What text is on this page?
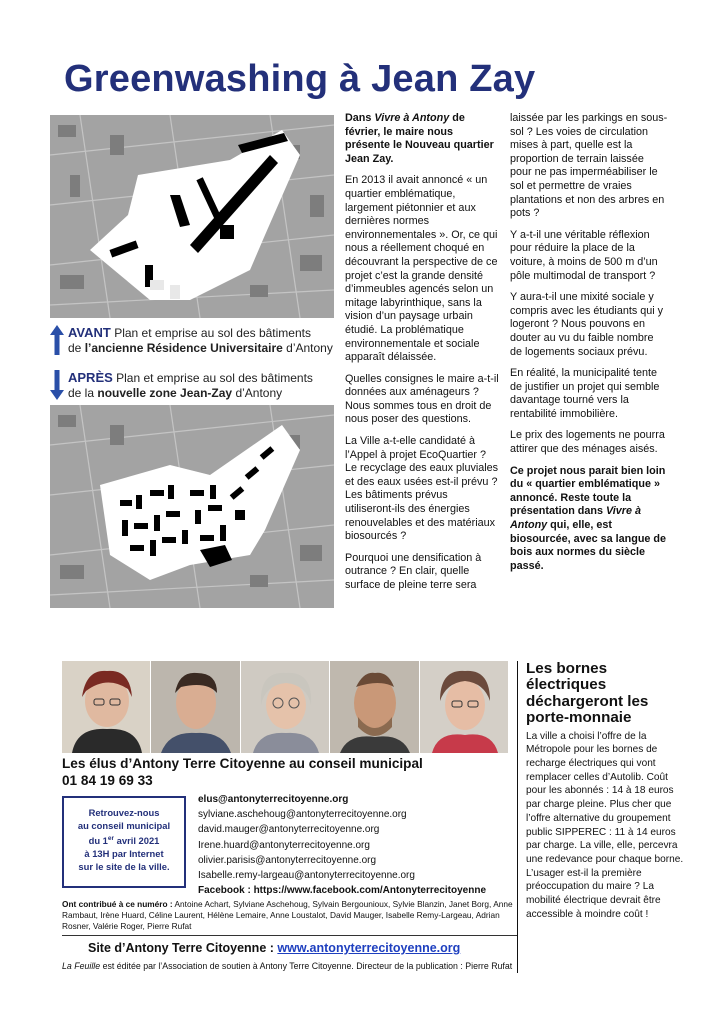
Greenwashing à Jean Zay
AVANT Plan et emprise au sol des bâtiments
de l’ancienne Résidence Universitaire d’Antony
APRÈS Plan et emprise au sol des bâtiments
de la nouvelle zone Jean-Zay d’Antony

Dans Vivre à Antony de février, le maire nous présente le Nouveau quartier Jean Zay.

En 2013 il avait annoncé « un quartier emblématique, largement piétonnier et aux dernières normes environnementales ». Or, ce qui nous a réellement choqué en découvrant la perspective de ce projet c’est la grande densité d’immeubles agencés selon un mitage labyrinthique, sans la vision d’un paysage urbain étudié. La problématique environnementale et sociale apparaît délaissée.

Quelles consignes le maire a-t-il données aux aménageurs ? Nous sommes tous en droit de nous poser des questions.

La Ville a-t-elle candidaté à l’Appel à projet EcoQuartier ? Le recyclage des eaux pluviales et des eaux usées est-il prévu ? Les bâtiments prévus utiliseront-ils des énergies renouvelables et des matériaux biosourcés ?

Pourquoi une densification à outrance ? En clair, quelle surface de pleine terre sera

laissée par les parkings en sous-sol ? Les voies de circulation mises à part, quelle est la proportion de terrain laissée pour ne pas imperméabiliser le sol et permettre de vraies plantations et non des arbres en pots ?

Y a-t-il une véritable réflexion pour réduire la place de la voiture, à moins de 500 m d’un pôle multimodal de transport ?

Y aura-t-il une mixité sociale y compris avec les étudiants qui y logeront ? Nous pouvons en douter au vu du faible nombre de logements sociaux prévu.

En réalité, la municipalité tente de justifier un projet qui semble davantage tourné vers la rentabilité immobilière.

Le prix des logements ne pourra attirer que des ménages aisés.

Ce projet nous parait bien loin du « quartier emblématique » annoncé. Reste toute la présentation dans Vivre à Antony qui, elle, est biosourcée, avec sa langue de bois aux normes du siècle passé.

Les élus d’Antony Terre Citoyenne au conseil municipal
01 84 19 69 33
Retrouvez-nous
au conseil municipal
du 1er avril 2021
à 13H par Internet
sur le site de la ville.
elus@antonyterrecitoyenne.org
sylviane.aschehoug@antonyterrecitoyenne.org
david.mauger@antonyterrecitoyenne.org
Irene.huard@antonyterrecitoyenne.org
olivier.parisis@antonyterrecitoyenne.org
Isabelle.remy-largeau@antonyterrecitoyenne.org
Facebook : https://www.facebook.com/Antonyterrecitoyenne
Ont contribué à ce numéro : Antoine Achart, Sylviane Aschehoug, Sylvain Bergounioux, Sylvie Blanzin, Janet Borg, Anne Rambaut, Irène Huard, Céline Laurent, Hélène Lemaire, Anne Loustalot, David Mauger, Isabelle Remy-Largeau, Adrian Rosner, Valérie Roger, Pierre Rufat
Site d’Antony Terre Citoyenne : www.antonyterrecitoyenne.org
La Feuille est éditée par l’Association de soutien à Antony Terre Citoyenne. Directeur de la publication : Pierre Rufat
Les bornes électriques déchargeront les porte-monnaie
La ville a choisi l’offre de la Métropole pour les bornes de recharge électriques qui vont remplacer celles d’Autolib. Coût pour les abonnés : 14 à 18 euros par charge pleine. Plus cher que l’offre alternative du groupement public SIPPEREC : 11 à 14 euros par charge. La ville, elle, percevra une redevance pour chaque borne. L’usager est-il la première préoccupation du maire ? La mobilité électrique devrait être accessible à moindre coût !
